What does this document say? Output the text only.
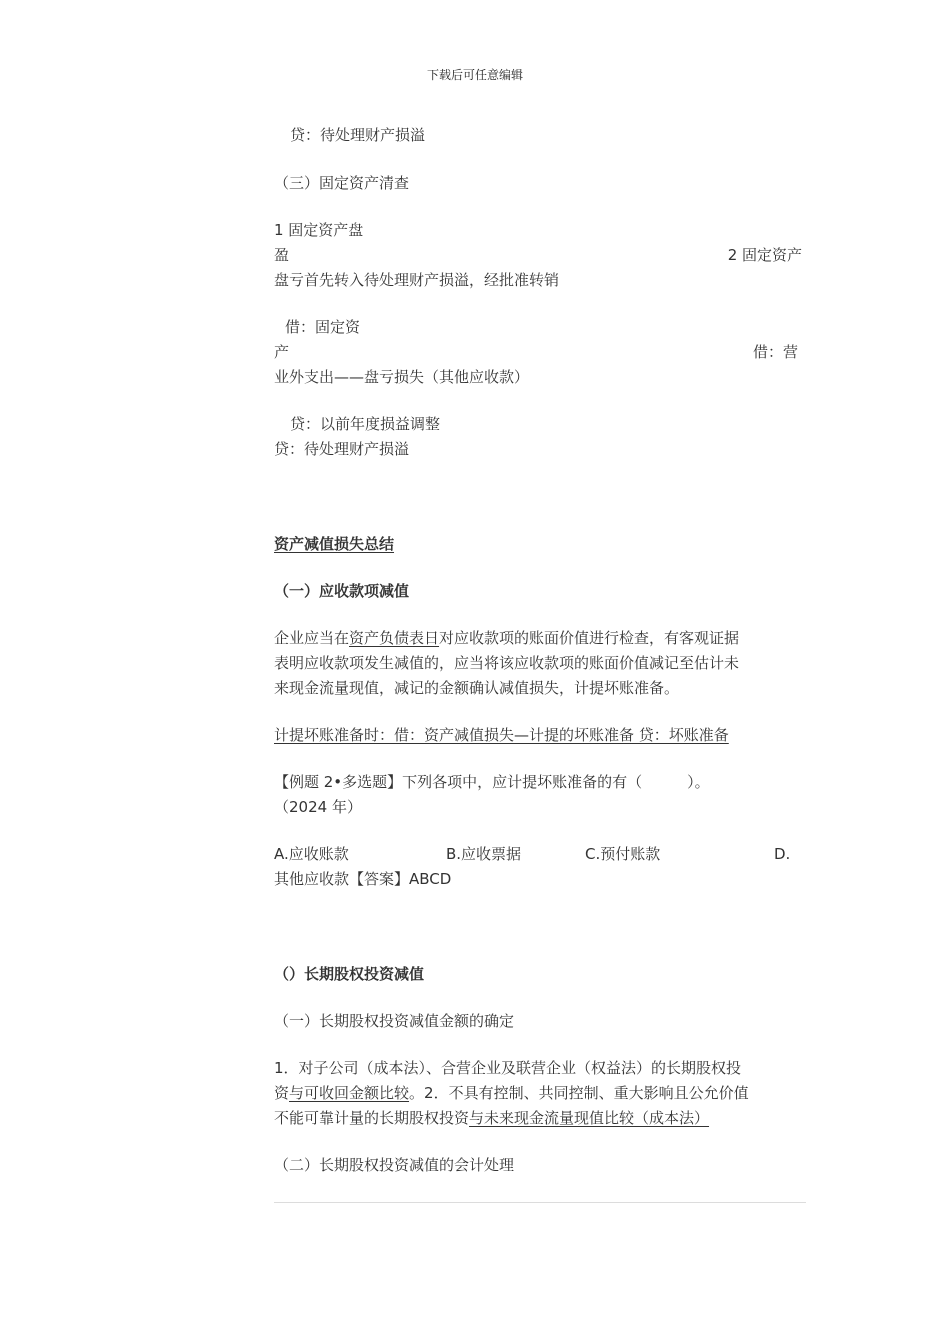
下载后可任意编辑
贷：待处理财产损溢
（三）固定资产清查
1 固定资产盘
盈	2 固定资产
盘亏首先转入待处理财产损溢，经批准转销
借：固定资
产	借：营
业外支出——盘亏损失（其他应收款）
贷：以前年度损益调整
贷：待处理财产损溢
资产减值损失总结
（一）应收款项减值
企业应当在资产负债表日对应收款项的账面价值进行检查，有客观证据
表明应收款项发生减值的，应当将该应收款项的账面价值减记至估计未
来现金流量现值，减记的金额确认减值损失，计提坏账准备。
计提坏账准备时：借：资产减值损失—计提的坏账准备 贷：坏账准备
【例题 2•多选题】下列各项中，应计提坏账准备的有（　　　）。
（2024 年）
A.应收账款	B.应收票据	C.预付账款	D.
其他应收款【答案】ABCD
（）长期股权投资减值
（一）长期股权投资减值金额的确定
1．对子公司（成本法）、合营企业及联营企业（权益法）的长期股权投
资与可收回金额比较。2．不具有控制、共同控制、重大影响且公允价值
不能可靠计量的长期股权投资与未来现金流量现值比较（成本法）
（二）长期股权投资减值的会计处理
